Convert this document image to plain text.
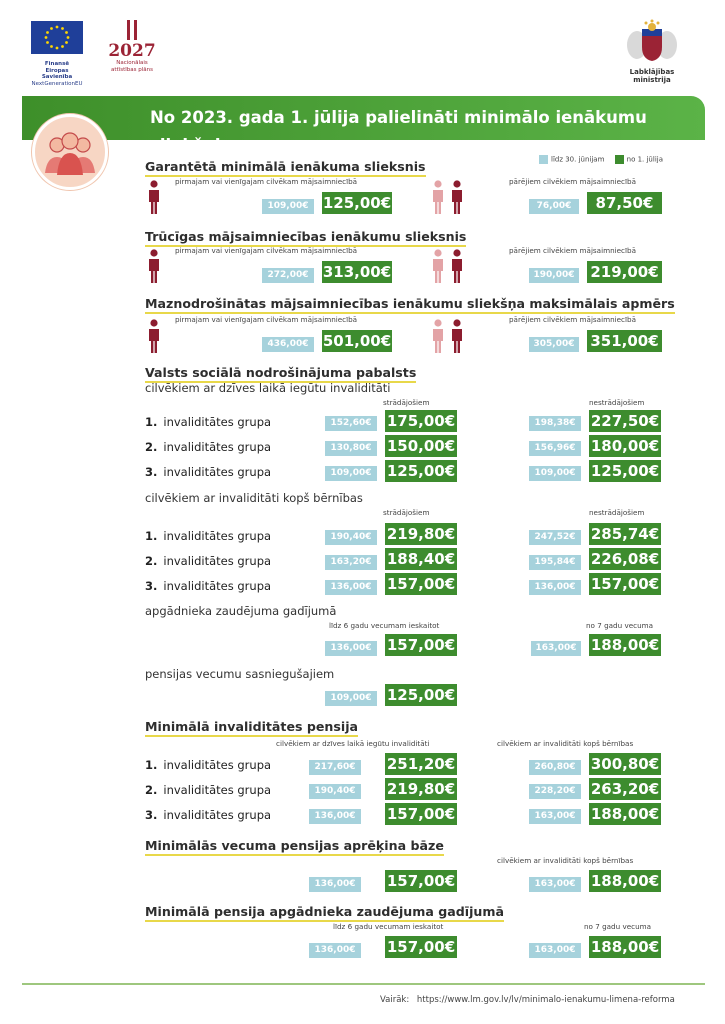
Finansē
Eiropas Savienība
NextGenerationEU
2027
Nacionālais
attīstības plāns	Labklājības ministrija
No 2023. gada 1. jūlija palielināti minimālo ienākumu sliekšņi
līdz 30. jūnijam	no 1. jūlija
Garantētā minimālā ienākuma slieksnis
pirmajam vai vienīgajam cilvēkam mājsaimniecībā	pārējiem cilvēkiem mājsaimniecībā
109,00€ 125,00€	76,00€	87,50€
Trūcīgas mājsaimniecības ienākumu slieksnis
pirmajam vai vienīgajam cilvēkam mājsaimniecībā	pārējiem cilvēkiem mājsaimniecībā
272,00€ 313,00€	190,00€	219,00€
Maznodrošinātas mājsaimniecības ienākumu sliekšņa maksimālais apmērs
pirmajam vai vienīgajam cilvēkam mājsaimniecībā	pārējiem cilvēkiem mājsaimniecībā
436,00€ 501,00€	305,00€	351,00€
Valsts sociālā nodrošinājuma pabalsts
cilvēkiem ar dzīves laikā iegūtu invaliditāti
strādājošiem	nestrādājošiem
1. invaliditātes grupa	152,60€	175,00€	198,38€	227,50€
2. invaliditātes grupa	130,80€	150,00€	156,96€	180,00€
3. invaliditātes grupa	109,00€	125,00€	109,00€	125,00€
cilvēkiem ar invaliditāti kopš bērnības
strādājošiem	nestrādājošiem
1. invaliditātes grupa	190,40€	219,80€	247,52€	285,74€
2. invaliditātes grupa	163,20€	188,40€	195,84€	226,08€
3. invaliditātes grupa	136,00€	157,00€	136,00€	157,00€
apgādnieka zaudējuma gadījumā
līdz 6 gadu vecumam ieskaitot	no 7 gadu vecuma
136,00€	157,00€	163,00€ 188,00€
pensijas vecumu sasniegušajiem
109,00€	125,00€
Minimālā invaliditātes pensija
cilvēkiem ar dzīves laikā iegūtu invaliditāti	cilvēkiem ar invaliditāti kopš bērnības
1. invaliditātes grupa	217,60€	251,20€	260,80€	300,80€
2. invaliditātes grupa	190,40€	219,80€	228,20€	263,20€
3. invaliditātes grupa	136,00€	157,00€	163,00€	188,00€
Minimālās vecuma pensijas aprēķina bāze
cilvēkiem ar invaliditāti kopš bērnības
136,00€	157,00€	163,00€	188,00€
Minimālā pensija apgādnieka zaudējuma gadījumā
līdz 6 gadu vecumam ieskaitot	no 7 gadu vecuma
136,00€	157,00€	163,00€	188,00€
Vairāk: https://www.lm.gov.lv/lv/minimalo-ienakumu-limena-reforma
